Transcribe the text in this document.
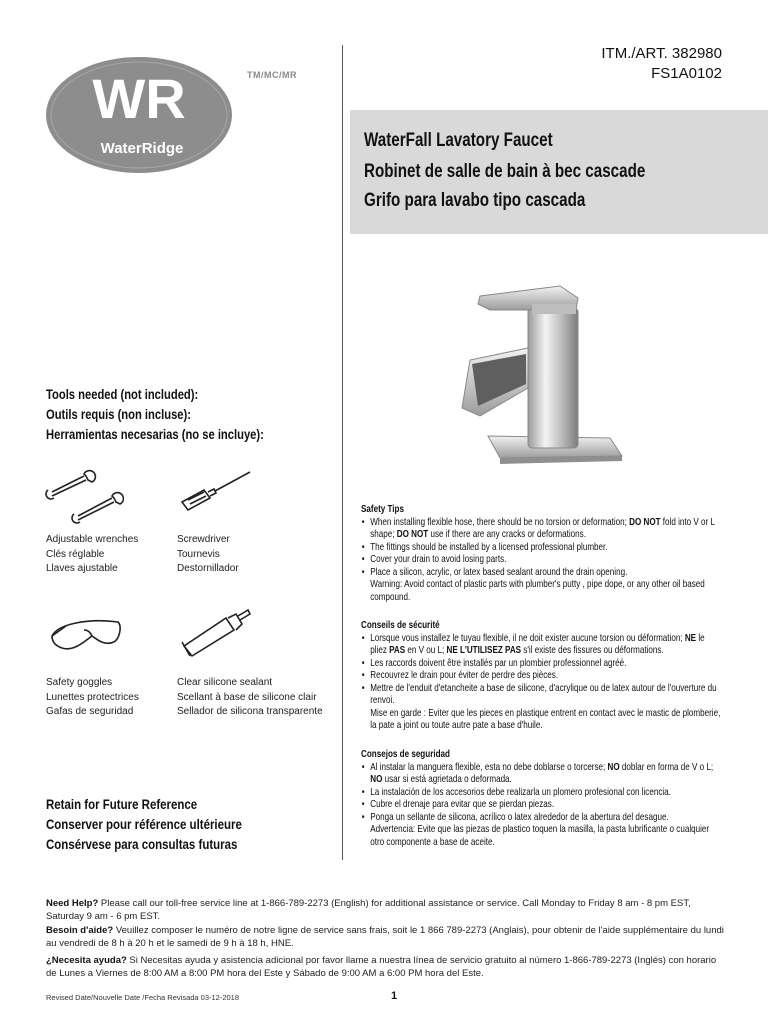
WR
WaterRidge
TM/MC/MR
ITM./ART. 382980
FS1A0102
WaterFall Lavatory Faucet
Robinet de salle de bain à bec cascade
Grifo para lavabo tipo cascada
Tools needed (not included):
Outils requis (non incluse):
Herramientas necesarias (no se incluye):
Adjustable wrenches
Clés réglable
Llaves ajustable
Screwdriver
Tournevis
Destornillador
Safety goggles
Lunettes protectrices
Gafas de seguridad
Clear silicone sealant
Scellant à base de silicone clair
Sellador de silicona transparente
Safety Tips
• When installing flexible hose, there should be no torsion or deformation; DO NOT fold into V or L shape; DO NOT use if there are any cracks or deformations.
• The fittings should be installed by a licensed professional plumber.
• Cover your drain to avoid losing parts.
• Place a silicon, acrylic, or latex based sealant around the drain opening.
Warning: Avoid contact of plastic parts with plumber's putty , pipe dope, or any other oil based compound.
Conseils de sécurité
• Lorsque vous installez le tuyau flexible, il ne doit exister aucune torsion ou déformation; NE le pliez PAS en V ou L; NE L'UTILISEZ PAS s'il existe des fissures ou déformations.
• Les raccords doivent être installés par un plombier professionnel agréé.
• Recouvrez le drain pour éviter de perdre des pièces.
• Mettre de l'enduit d'etancheite a base de silicone, d'acrylique ou de latex autour de l'ouverture du renvoi.
Mise en garde : Eviter que les pieces en plastique entrent en contact avec le mastic de plomberie, la pate a joint ou toute autre pate a base d'huile.
Consejos de seguridad
• Al instalar la manguera flexible, esta no debe doblarse o torcerse; NO doblar en forma de V o L; NO usar si está agrietada o deformada.
• La instalación de los accesorios debe realizarla un plomero profesional con licencia.
• Cubre el drenaje para evitar que se pierdan piezas.
• Ponga un sellante de silicona, acrílico o latex alrededor de la abertura del desague.
Advertencia: Evite que las piezas de plastico toquen la masilla, la pasta lubrificante o cualquier otro componente a base de aceite.
Retain for Future Reference
Conserver pour référence ultérieure
Consérvese para consultas futuras
Need Help? Please call our toll-free service line at 1-866-789-2273 (English) for additional assistance or service. Call Monday to Friday 8 am - 8 pm EST, Saturday 9 am - 6 pm EST.
Besoin d'aide? Veuillez composer le numéro de notre ligne de service sans frais, soit le 1 866 789-2273 (Anglais), pour obtenir de l'aide supplémentaire du lundi au vendredi de 8 h à 20 h et le samedi de 9 h à 18 h, HNE.
¿Necesita ayuda? Si Necesitas ayuda y asistencia adicional por favor llame a nuestra línea de servicio gratuito al número 1-866-789-2273 (Inglés) con horario de Lunes a Viernes de 8:00 AM a 8:00 PM hora del Este y Sábado de 9:00 AM a 6:00 PM hora del Este.
Revised Date/Nouvelle Date /Fecha Revisada 03-12-2018	1
